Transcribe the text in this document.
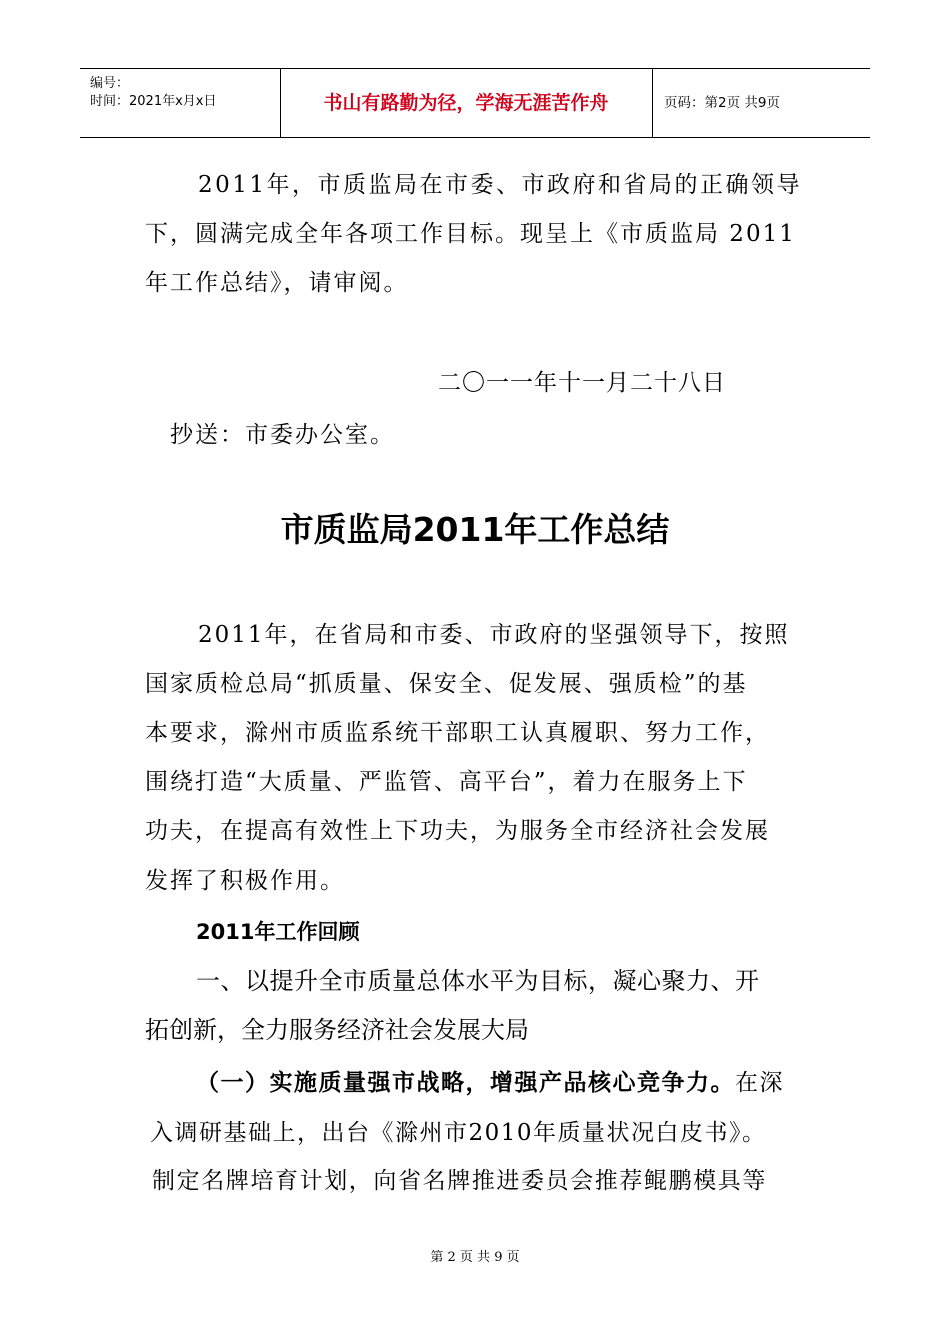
编号：
时间：2021年x月x日	书山有路勤为径，学海无涯苦作舟	页码：第2页 共9页
2011年，市质监局在市委、市政府和省局的正确领导
下，圆满完成全年各项工作目标。现呈上《市质监局 2011
年工作总结》，请审阅。
二〇一一年十一月二十八日
抄送：市委办公室。
市质监局2011年工作总结
2011年，在省局和市委、市政府的坚强领导下，按照
国家质检总局“抓质量、保安全、促发展、强质检”的基
本要求，滁州市质监系统干部职工认真履职、努力工作，
围绕打造“大质量、严监管、高平台”，着力在服务上下
功夫，在提高有效性上下功夫，为服务全市经济社会发展
发挥了积极作用。
2011年工作回顾
一、以提升全市质量总体水平为目标，凝心聚力、开
拓创新，全力服务经济社会发展大局
（一）实施质量强市战略，增强产品核心竞争力。在深
入调研基础上，出台《滁州市2010年质量状况白皮书》。
制定名牌培育计划，向省名牌推进委员会推荐鲲鹏模具等
第 2 页 共 9 页
